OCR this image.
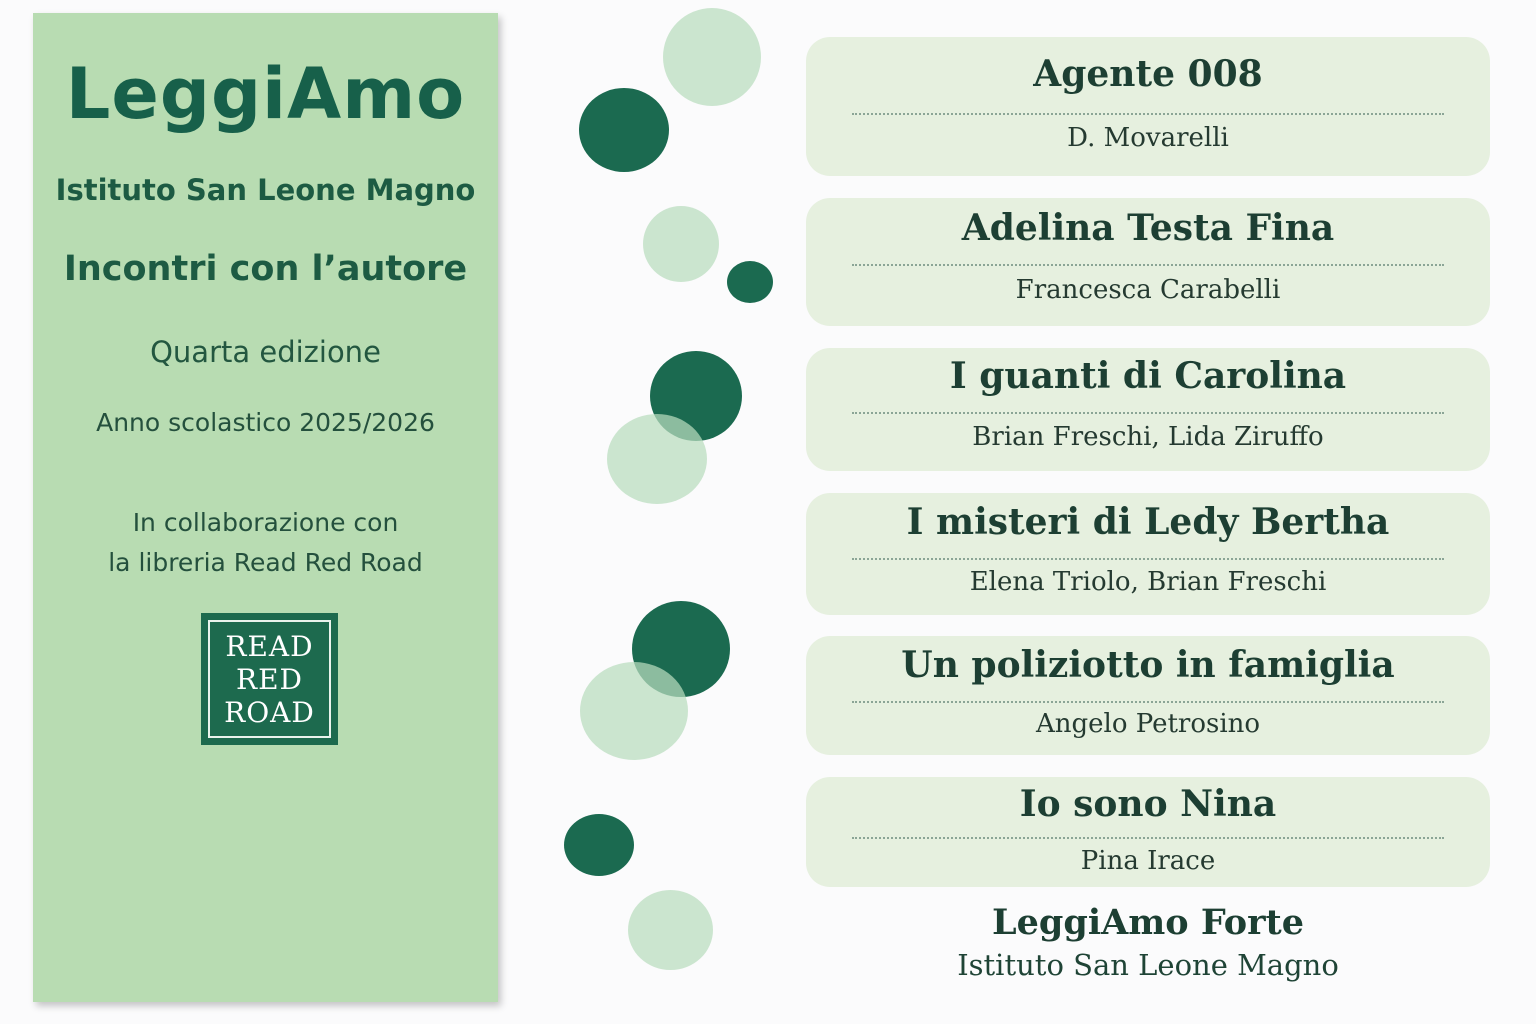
LeggiAmo
Istituto San Leone Magno
Incontri con l’autore
Quarta edizione
Anno scolastico 2025/2026
In collaborazione con
la libreria Read Red Road
READ
RED
ROAD
Agente 008
D. Movarelli
Adelina Testa Fina
Francesca Carabelli
I guanti di Carolina
Brian Freschi, Lida Ziruffo
I misteri di Ledy Bertha
Elena Triolo, Brian Freschi
Un poliziotto in famiglia
Angelo Petrosino
Io sono Nina
Pina Irace
LeggiAmo Forte
Istituto San Leone Magno
